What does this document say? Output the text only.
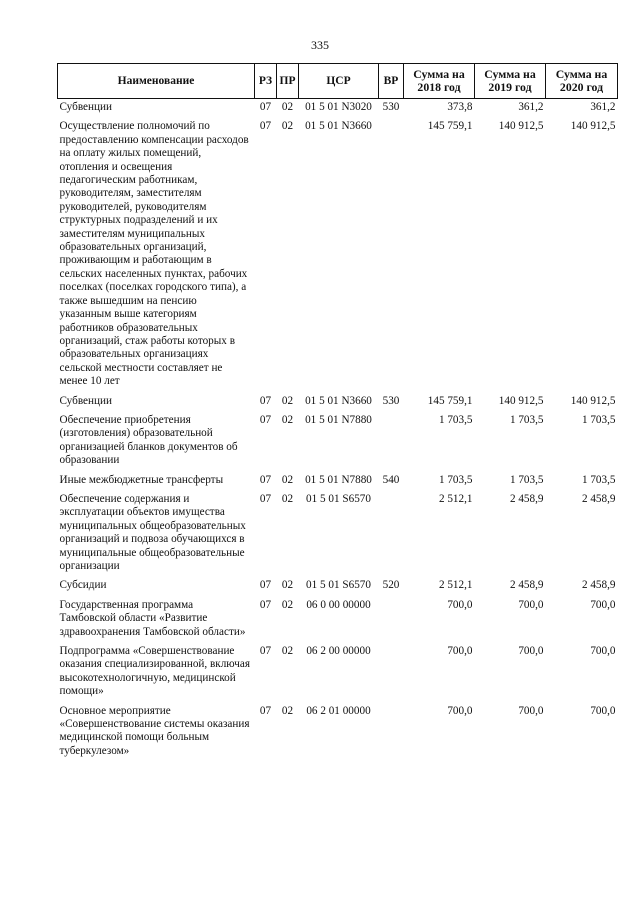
335
Наименование	РЗ	ПР	ЦСР	ВР	Сумма на 2018 год	Сумма на 2019 год	Сумма на 2020 год
Субвенции	07	02	01 5 01 N3020	530	373,8	361,2	361,2
Осуществление полномочий по предоставлению компенсации расходов на оплату жилых помещений, отопления и освещения педагогическим работникам, руководителям, заместителям руководителей, руководителям структурных подразделений и их заместителям муниципальных образовательных организаций, проживающим и работающим в сельских населенных пунктах, рабочих поселках (поселках городского типа), а также вышедшим на пенсию указанным выше категориям работников образовательных организаций, стаж работы которых в образовательных организациях сельской местности составляет не менее 10 лет	07	02	01 5 01 N3660		145 759,1	140 912,5	140 912,5
Субвенции	07	02	01 5 01 N3660	530	145 759,1	140 912,5	140 912,5
Обеспечение приобретения (изготовления) образовательной организацией бланков документов об образовании	07	02	01 5 01 N7880		1 703,5	1 703,5	1 703,5
Иные межбюджетные трансферты	07	02	01 5 01 N7880	540	1 703,5	1 703,5	1 703,5
Обеспечение содержания и эксплуатации объектов имущества муниципальных общеобразовательных организаций и подвоза обучающихся в муниципальные общеобразовательные организации	07	02	01 5 01 S6570		2 512,1	2 458,9	2 458,9
Субсидии	07	02	01 5 01 S6570	520	2 512,1	2 458,9	2 458,9
Государственная программа Тамбовской области «Развитие здравоохранения Тамбовской области»	07	02	06 0 00 00000		700,0	700,0	700,0
Подпрограмма «Совершенствование оказания специализированной, включая высокотехнологичную, медицинской помощи»	07	02	06 2 00 00000		700,0	700,0	700,0
Основное мероприятие «Совершенствование системы оказания медицинской помощи больным туберкулезом»	07	02	06 2 01 00000		700,0	700,0	700,0
